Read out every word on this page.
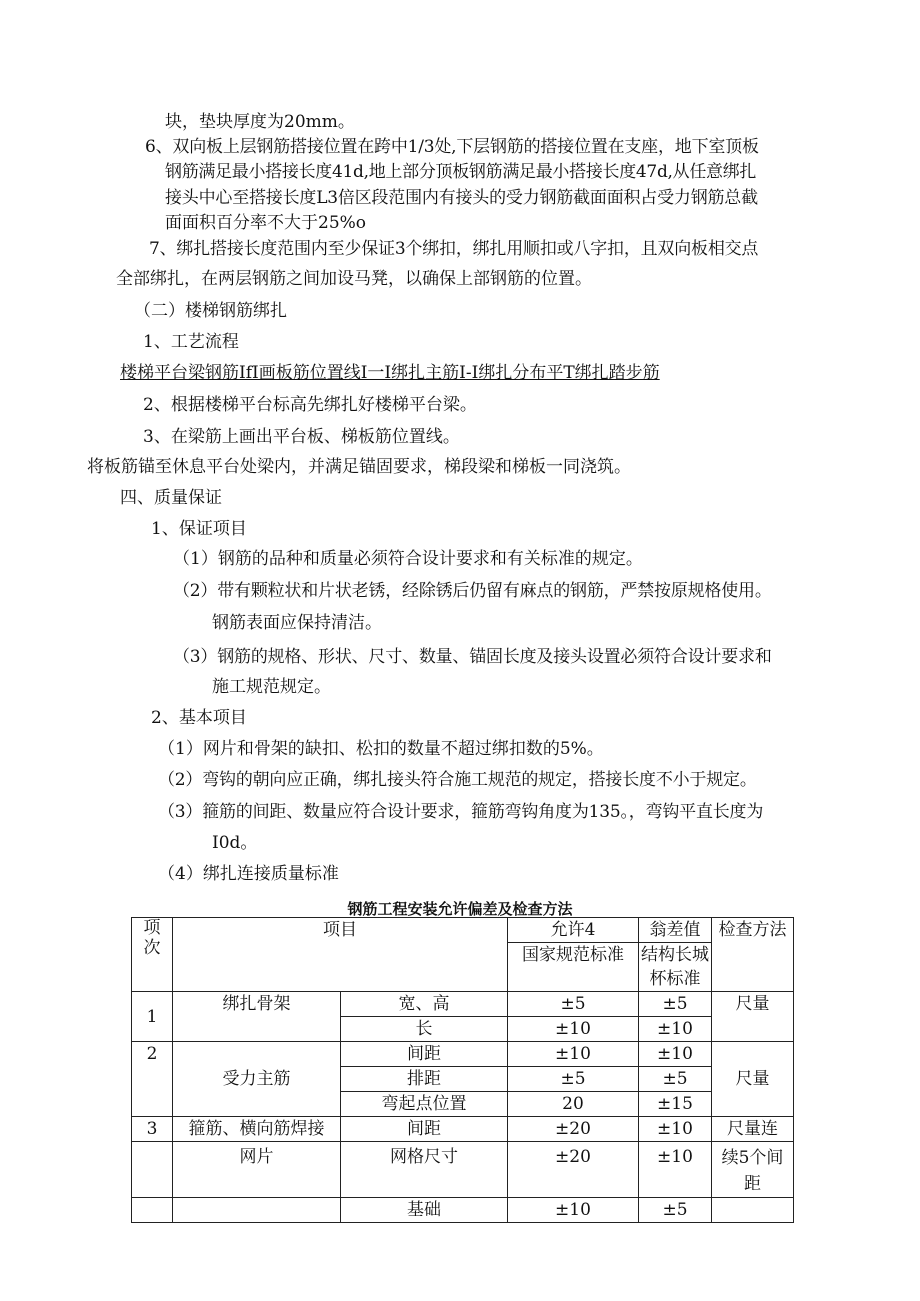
块，垫块厚度为20mm。
6、双向板上层钢筋搭接位置在跨中1/3处,下层钢筋的搭接位置在支座，地下室顶板
钢筋满足最小搭接长度41d,地上部分顶板钢筋满足最小搭接长度47d,从任意绑扎
接头中心至搭接长度L3倍区段范围内有接头的受力钢筋截面面积占受力钢筋总截
面面积百分率不大于25%o
7、绑扎搭接长度范围内至少保证3个绑扣，绑扎用顺扣或八字扣，且双向板相交点
全部绑扎，在两层钢筋之间加设马凳，以确保上部钢筋的位置。
（二）楼梯钢筋绑扎
1、工艺流程
楼梯平台梁钢筋IfI画板筋位置线I一I绑扎主筋I-I绑扎分布平T绑扎踏步筋
2、根据楼梯平台标高先绑扎好楼梯平台梁。
3、在梁筋上画出平台板、梯板筋位置线。
将板筋锚至休息平台处梁内，并满足锚固要求，梯段梁和梯板一同浇筑。
四、质量保证
1、保证项目
（1）钢筋的品种和质量必须符合设计要求和有关标准的规定。
（2）带有颗粒状和片状老锈，经除锈后仍留有麻点的钢筋，严禁按原规格使用。
钢筋表面应保持清洁。
（3）钢筋的规格、形状、尺寸、数量、锚固长度及接头设置必须符合设计要求和
施工规范规定。
2、基本项目
（1）网片和骨架的缺扣、松扣的数量不超过绑扣数的5%。
（2）弯钩的朝向应正确，绑扎接头符合施工规范的规定，搭接长度不小于规定。
（3）箍筋的间距、数量应符合设计要求，箍筋弯钩角度为135。，弯钩平直长度为
I0d。
（4）绑扎连接质量标准
钢筋工程安装允许偏差及检查方法
项次	项目		允许4	翁差值	检查方法
			国家规范标准	结构长城杯标准	
1	绑扎骨架	宽、高	±5	±5	尺量
		长	±10	±10	
2	受力主筋	间距	±10	±10	尺量
		排距	±5	±5	
		弯起点位置	20	±15	
3	箍筋、横向筋焊接	间距	±20	±10	尺量连
	网片	网格尺寸	±20	±10	续5个间距
		基础	±10	±5	
